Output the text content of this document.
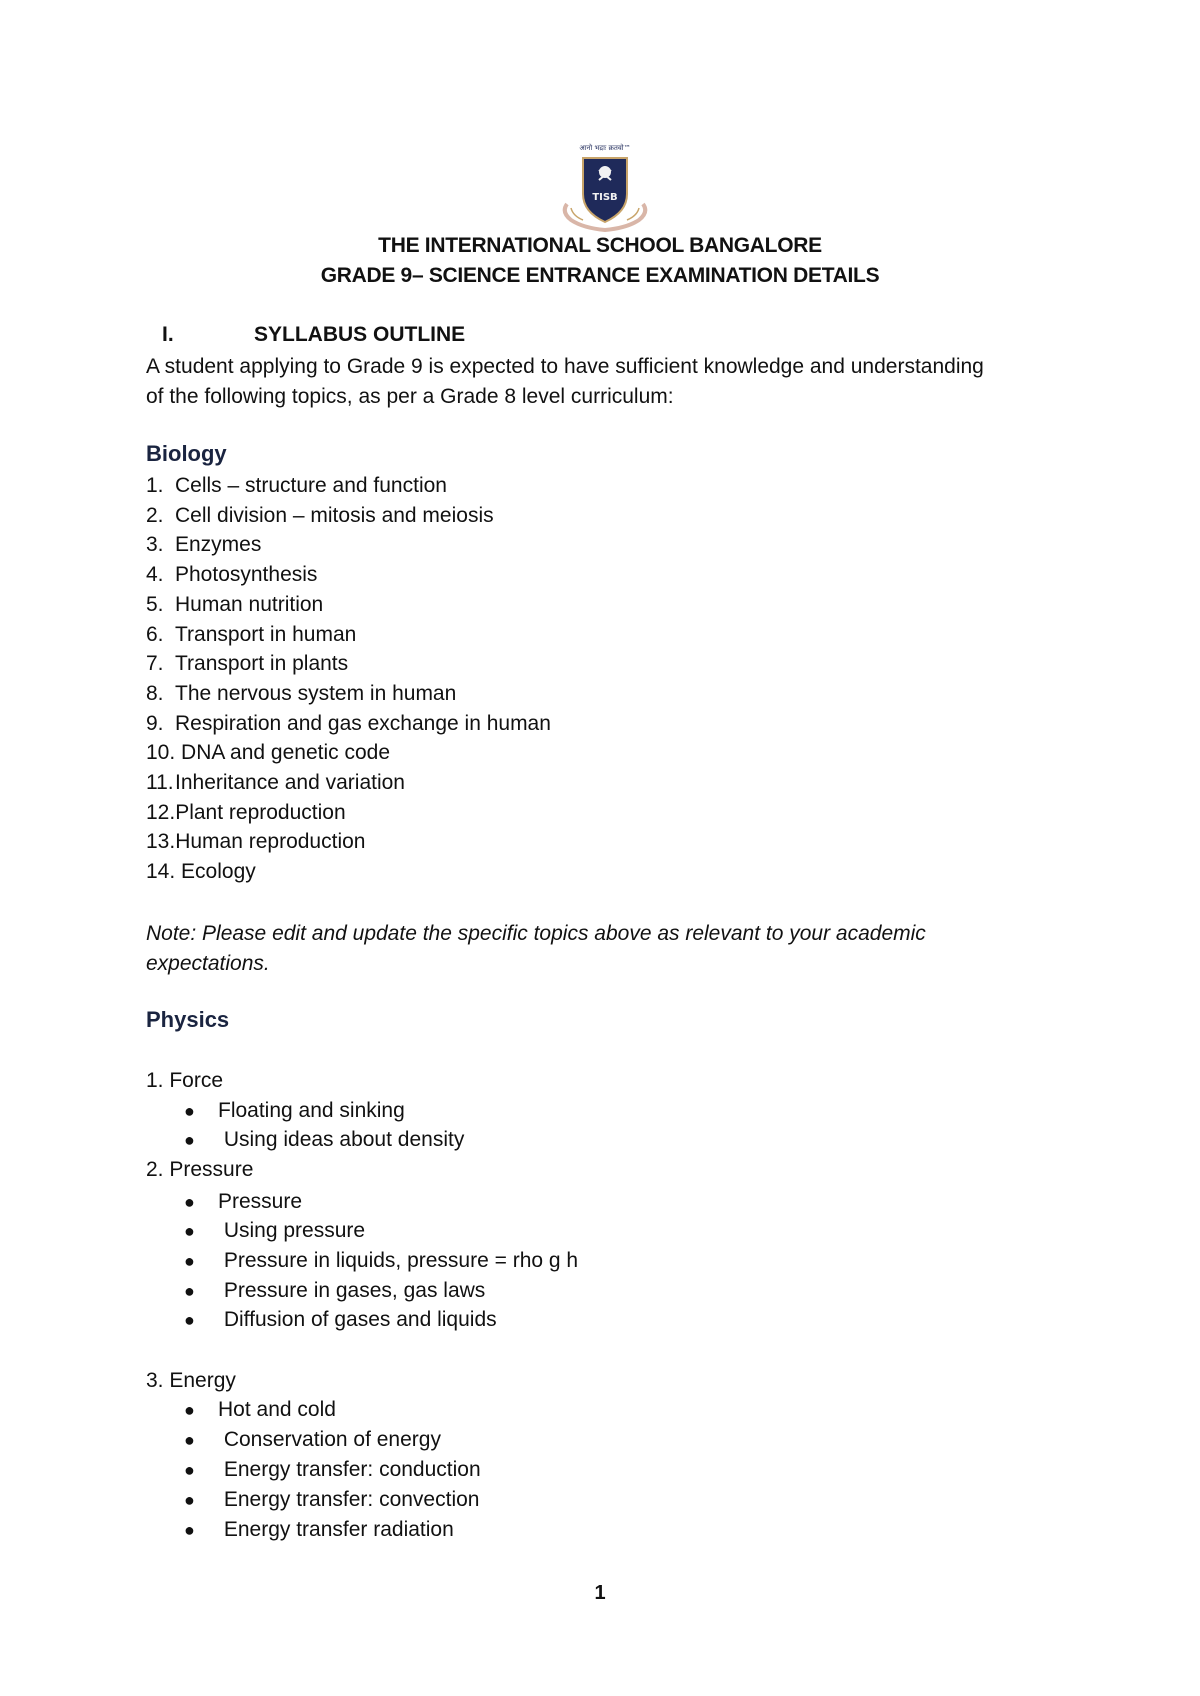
आनो भद्राः क्रतवो™
TISB
THE INTERNATIONAL SCHOOL BANGALORE
GRADE 9– SCIENCE ENTRANCE EXAMINATION DETAILS
I.	SYLLABUS OUTLINE
A student applying to Grade 9 is expected to have sufficient knowledge and understanding
of the following topics, as per a Grade 8 level curriculum:
Biology
1. Cells – structure and function
2. Cell division – mitosis and meiosis
3. Enzymes
4. Photosynthesis
5. Human nutrition
6. Transport in human
7. Transport in plants
8. The nervous system in human
9. Respiration and gas exchange in human
10. DNA and genetic code
11.Inheritance and variation
12.Plant reproduction
13.Human reproduction
14. Ecology
Note: Please edit and update the specific topics above as relevant to your academic
expectations.
Physics
1. Force
● Floating and sinking
● Using ideas about density
2. Pressure
● Pressure
● Using pressure
● Pressure in liquids, pressure = rho g h
● Pressure in gases, gas laws
● Diffusion of gases and liquids
3. Energy
● Hot and cold
● Conservation of energy
● Energy transfer: conduction
● Energy transfer: convection
● Energy transfer radiation
1
